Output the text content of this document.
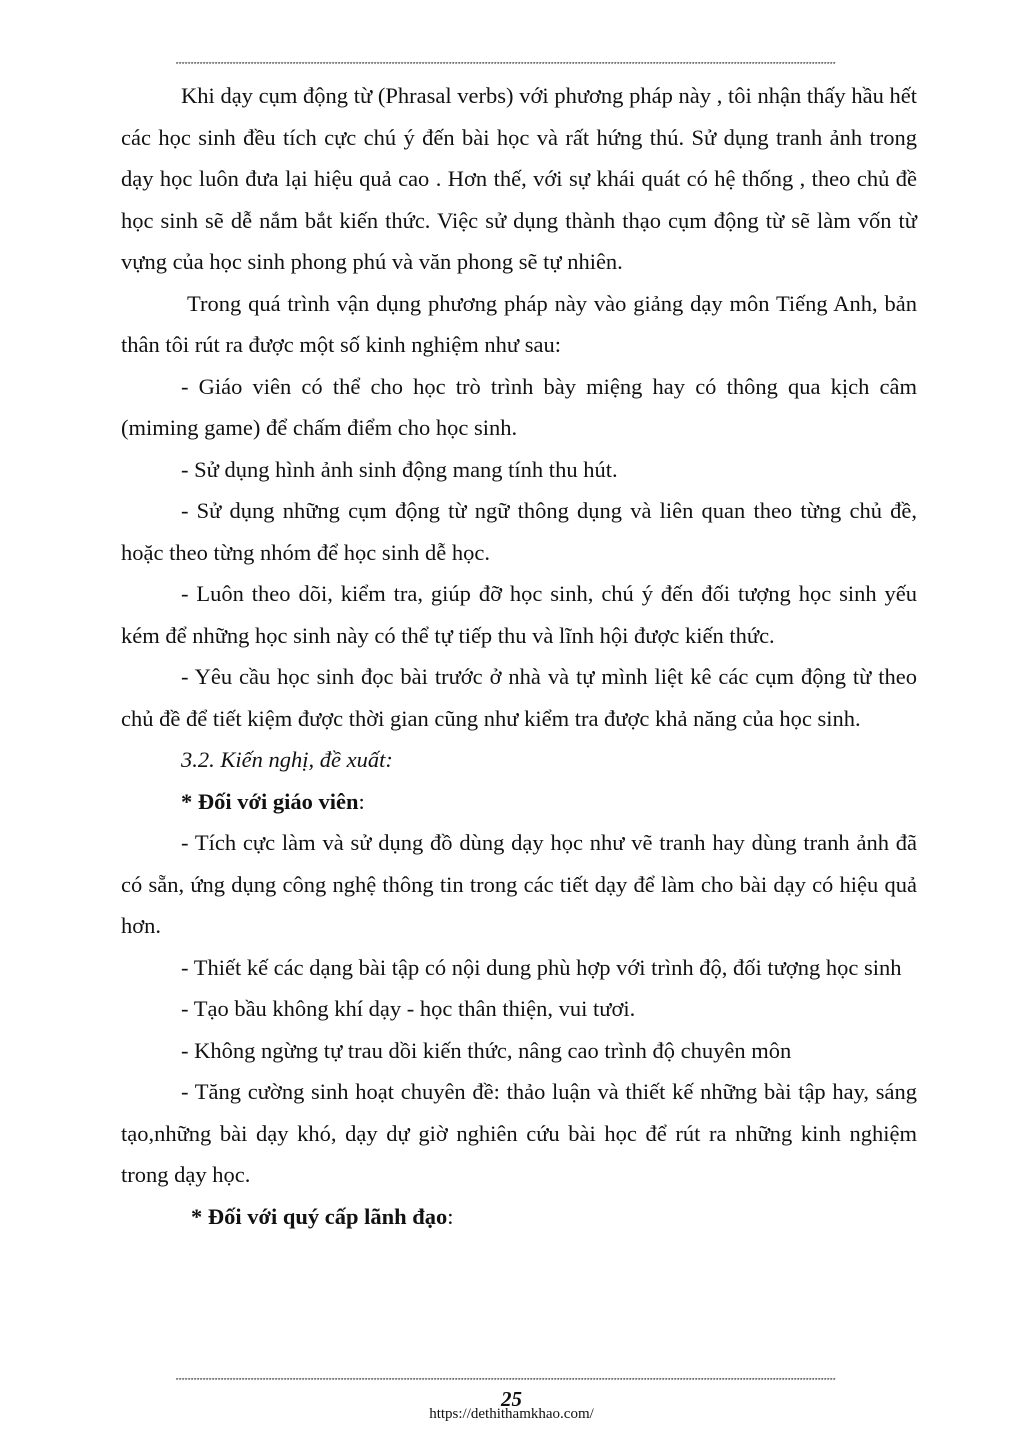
****************************************************************************************************************************************************************************************************************************

Khi dạy cụm động từ (Phrasal verbs) với phương pháp này , tôi nhận thấy hầu hết các học sinh đều tích cực chú ý đến bài học và rất hứng thú. Sử dụng tranh ảnh trong dạy học luôn đưa lại hiệu quả cao . Hơn thế, với sự khái quát có hệ thống , theo chủ đề học sinh sẽ dễ nắm bắt kiến thức. Việc sử dụng thành thạo cụm động từ sẽ làm vốn từ vựng của học sinh phong phú và văn phong sẽ tự nhiên.

Trong quá trình vận dụng phương pháp này vào giảng dạy môn Tiếng Anh, bản thân tôi rút ra được một số kinh nghiệm như sau:

- Giáo viên có thể cho học trò trình bày miệng hay có thông qua kịch câm (miming game) để chấm điểm cho học sinh.

- Sử dụng hình ảnh sinh động mang tính thu hút.

- Sử dụng những cụm động từ ngữ thông dụng và liên quan theo từng chủ đề, hoặc theo từng nhóm để học sinh dễ học.

- Luôn theo dõi, kiểm tra, giúp đỡ học sinh, chú ý đến đối tượng học sinh yếu kém để những học sinh này có thể tự tiếp thu và lĩnh hội được kiến thức.

- Yêu cầu học sinh đọc bài trước ở nhà và tự mình liệt kê các cụm động từ theo chủ đề để tiết kiệm được thời gian cũng như kiểm tra được khả năng của học sinh.

3.2. Kiến nghị, đề xuất:

* Đối với giáo viên:

- Tích cực làm và sử dụng đồ dùng dạy học như vẽ tranh hay dùng tranh ảnh đã có sẵn, ứng dụng công nghệ thông tin trong các tiết dạy để làm cho bài dạy có hiệu quả hơn.

- Thiết kế các dạng bài tập có nội dung phù hợp với trình độ, đối tượng học sinh

- Tạo bầu không khí dạy - học thân thiện, vui tươi.

- Không ngừng tự trau dồi kiến thức, nâng cao trình độ chuyên môn

- Tăng cường sinh hoạt chuyên đề: thảo luận và thiết kế những bài tập hay, sáng tạo,những bài dạy khó, dạy dự giờ nghiên cứu bài học để rút ra những kinh nghiệm trong dạy học.

* Đối với quý cấp lãnh đạo:

****************************************************************************************************************************************************************************************************************************
25
https://dethithamkhao.com/
